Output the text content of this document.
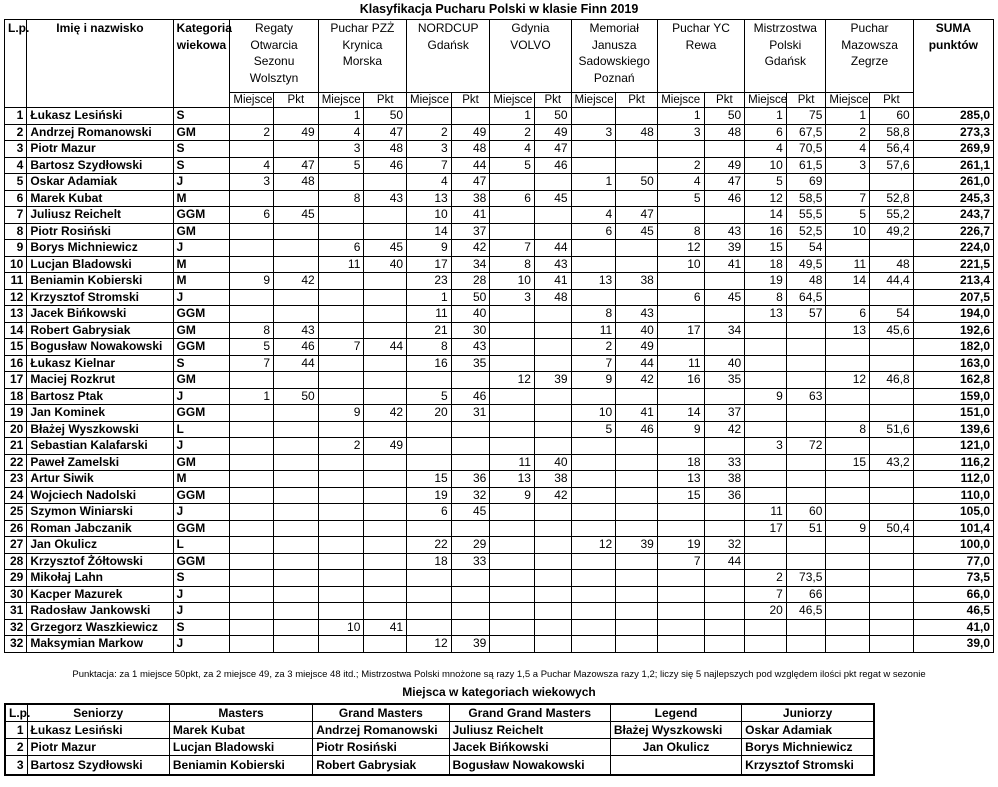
Klasyfikacja Pucharu Polski w klasie Finn 2019
L.p.	Imię i nazwisko	Kategoria wiekowa	Regaty Otwarcia Sezonu Wolsztyn		Puchar PZŻ Krynica Morska		NORDCUP Gdańsk		Gdynia VOLVO		Memoriał Janusza Sadowskiego Poznań		Puchar YC Rewa		Mistrzostwa Polski Gdańsk		Puchar Mazowsza Zegrze		SUMA punktów
			Miejsce	Pkt	Miejsce	Pkt	Miejsce	Pkt	Miejsce	Pkt	Miejsce	Pkt	Miejsce	Pkt	Miejsce	Pkt	Miejsce	Pkt	
1	Łukasz Lesiński	S			1	50			1	50			1	50	1	75	1	60	285,0
2	Andrzej Romanowski	GM	2	49	4	47	2	49	2	49	3	48	3	48	6	67,5	2	58,8	273,3
3	Piotr Mazur	S			3	48	3	48	4	47					4	70,5	4	56,4	269,9
4	Bartosz Szydłowski	S	4	47	5	46	7	44	5	46			2	49	10	61,5	3	57,6	261,1
5	Oskar Adamiak	J	3	48			4	47			1	50	4	47	5	69			261,0
6	Marek Kubat	M			8	43	13	38	6	45			5	46	12	58,5	7	52,8	245,3
7	Juliusz Reichelt	GGM	6	45			10	41			4	47			14	55,5	5	55,2	243,7
8	Piotr Rosiński	GM					14	37			6	45	8	43	16	52,5	10	49,2	226,7
9	Borys Michniewicz	J			6	45	9	42	7	44			12	39	15	54			224,0
10	Lucjan Bladowski	M			11	40	17	34	8	43			10	41	18	49,5	11	48	221,5
11	Beniamin Kobierski	M	9	42			23	28	10	41	13	38			19	48	14	44,4	213,4
12	Krzysztof Stromski	J					1	50	3	48			6	45	8	64,5			207,5
13	Jacek Bińkowski	GGM					11	40			8	43			13	57	6	54	194,0
14	Robert Gabrysiak	GM	8	43			21	30			11	40	17	34			13	45,6	192,6
15	Bogusław Nowakowski	GGM	5	46	7	44	8	43			2	49							182,0
16	Łukasz Kielnar	S	7	44			16	35			7	44	11	40					163,0
17	Maciej Rozkrut	GM							12	39	9	42	16	35			12	46,8	162,8
18	Bartosz Ptak	J	1	50			5	46							9	63			159,0
19	Jan Kominek	GGM			9	42	20	31			10	41	14	37					151,0
20	Błażej Wyszkowski	L									5	46	9	42			8	51,6	139,6
21	Sebastian Kalafarski	J			2	49									3	72			121,0
22	Paweł Zamelski	GM							11	40			18	33			15	43,2	116,2
23	Artur Siwik	M					15	36	13	38			13	38					112,0
24	Wojciech Nadolski	GGM					19	32	9	42			15	36					110,0
25	Szymon Winiarski	J					6	45							11	60			105,0
26	Roman Jabczanik	GGM													17	51	9	50,4	101,4
27	Jan Okulicz	L					22	29			12	39	19	32					100,0
28	Krzysztof Żółtowski	GGM					18	33					7	44					77,0
29	Mikołaj Lahn	S													2	73,5			73,5
30	Kacper Mazurek	J													7	66			66,0
31	Radosław Jankowski	J													20	46,5			46,5
32	Grzegorz Waszkiewicz	S			10	41													41,0
32	Maksymian Markow	J					12	39											39,0
Punktacja: za 1 miejsce 50pkt, za 2 miejsce 49, za 3 miejsce 48 itd.; Mistrzostwa Polski mnożone są razy 1,5 a Puchar Mazowsza razy 1,2; liczy się 5 najlepszych pod względem ilości pkt regat w sezonie
Miejsca w kategoriach wiekowych
L.p.	Seniorzy	Masters	Grand Masters	Grand Grand Masters	Legend	Juniorzy
1	Łukasz Lesiński	Marek Kubat	Andrzej Romanowski	Juliusz Reichelt	Błażej Wyszkowski	Oskar Adamiak
2	Piotr Mazur	Lucjan Bladowski	Piotr Rosiński	Jacek Bińkowski	Jan Okulicz	Borys Michniewicz
3	Bartosz Szydłowski	Beniamin Kobierski	Robert Gabrysiak	Bogusław Nowakowski		Krzysztof Stromski
